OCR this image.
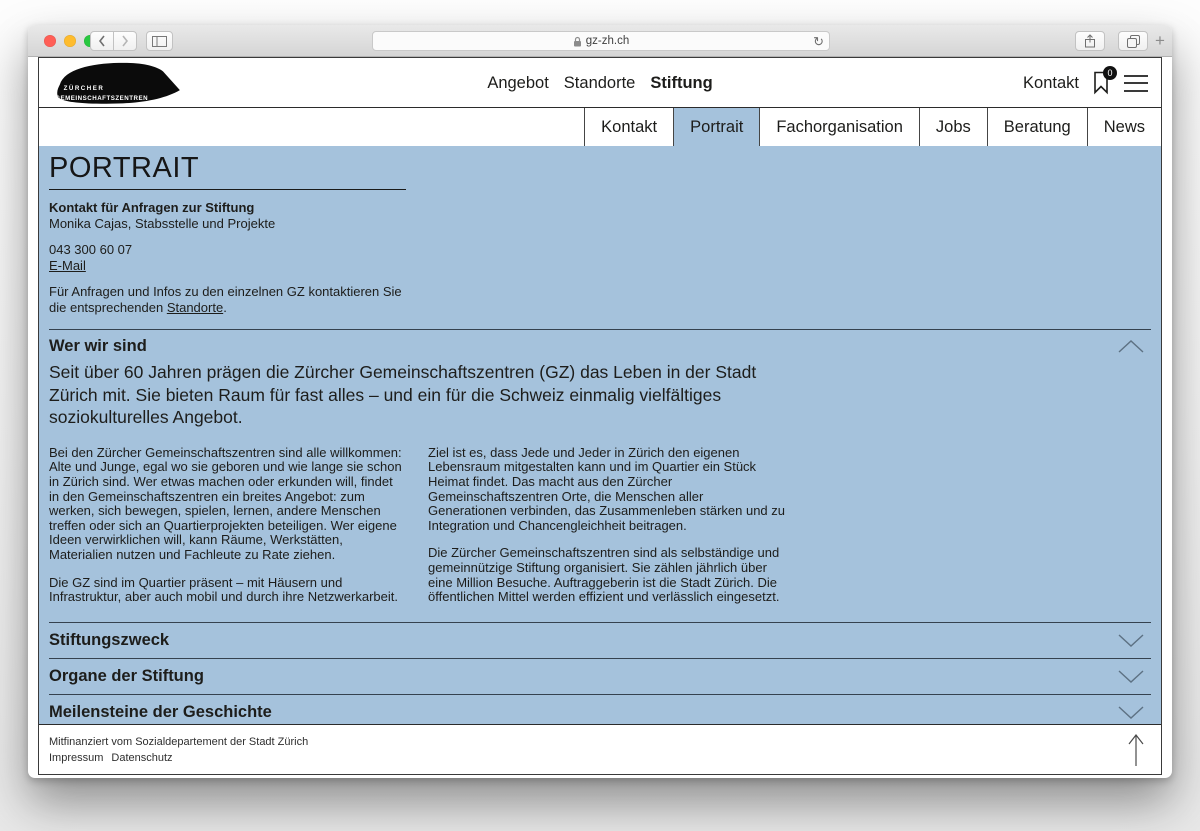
gz-zh.ch	↻	+
ZÜRCHER
GEMEINSCHAFTSZENTREN
Angebot Standorte Stiftung	Kontakt
0
Kontakt Portrait Fachorganisation Jobs Beratung News
PORTRAIT
Kontakt für Anfragen zur Stiftung
Monika Cajas, Stabsstelle und Projekte
043 300 60 07
E-Mail
Für Anfragen und Infos zu den einzelnen GZ kontaktieren Sie die entsprechenden Standorte.
Wer wir sind
Seit über 60 Jahren prägen die Zürcher Gemeinschaftszentren (GZ) das Leben in der Stadt Zürich mit. Sie bieten Raum für fast alles – und ein für die Schweiz einmalig vielfältiges soziokulturelles Angebot.

Bei den Zürcher Gemeinschaftszentren sind alle willkommen: Alte und Junge, egal wo sie geboren und wie lange sie schon in Zürich sind. Wer etwas machen oder erkunden will, findet in den Gemeinschaftszentren ein breites Angebot: zum werken, sich bewegen, spielen, lernen, andere Menschen treffen oder sich an Quartierprojekten beteiligen. Wer eigene Ideen verwirklichen will, kann Räume, Werkstätten, Materialien nutzen und Fachleute zu Rate ziehen.

Die GZ sind im Quartier präsent – mit Häusern und Infrastruktur, aber auch mobil und durch ihre Netzwerkarbeit.

Ziel ist es, dass Jede und Jeder in Zürich den eigenen Lebensraum mitgestalten kann und im Quartier ein Stück Heimat findet. Das macht aus den Zürcher Gemeinschaftszentren Orte, die Menschen aller Generationen verbinden, das Zusammenleben stärken und zu Integration und Chancengleichheit beitragen.

Die Zürcher Gemeinschaftszentren sind als selbständige und gemeinnützige Stiftung organisiert. Sie zählen jährlich über eine Million Besuche. Auftraggeberin ist die Stadt Zürich. Die öffentlichen Mittel werden effizient und verlässlich eingesetzt.

Stiftungszweck
Organe der Stiftung
Meilensteine der Geschichte
Mitfinanziert vom Sozialdepartement der Stadt Zürich
Impressum Datenschutz
